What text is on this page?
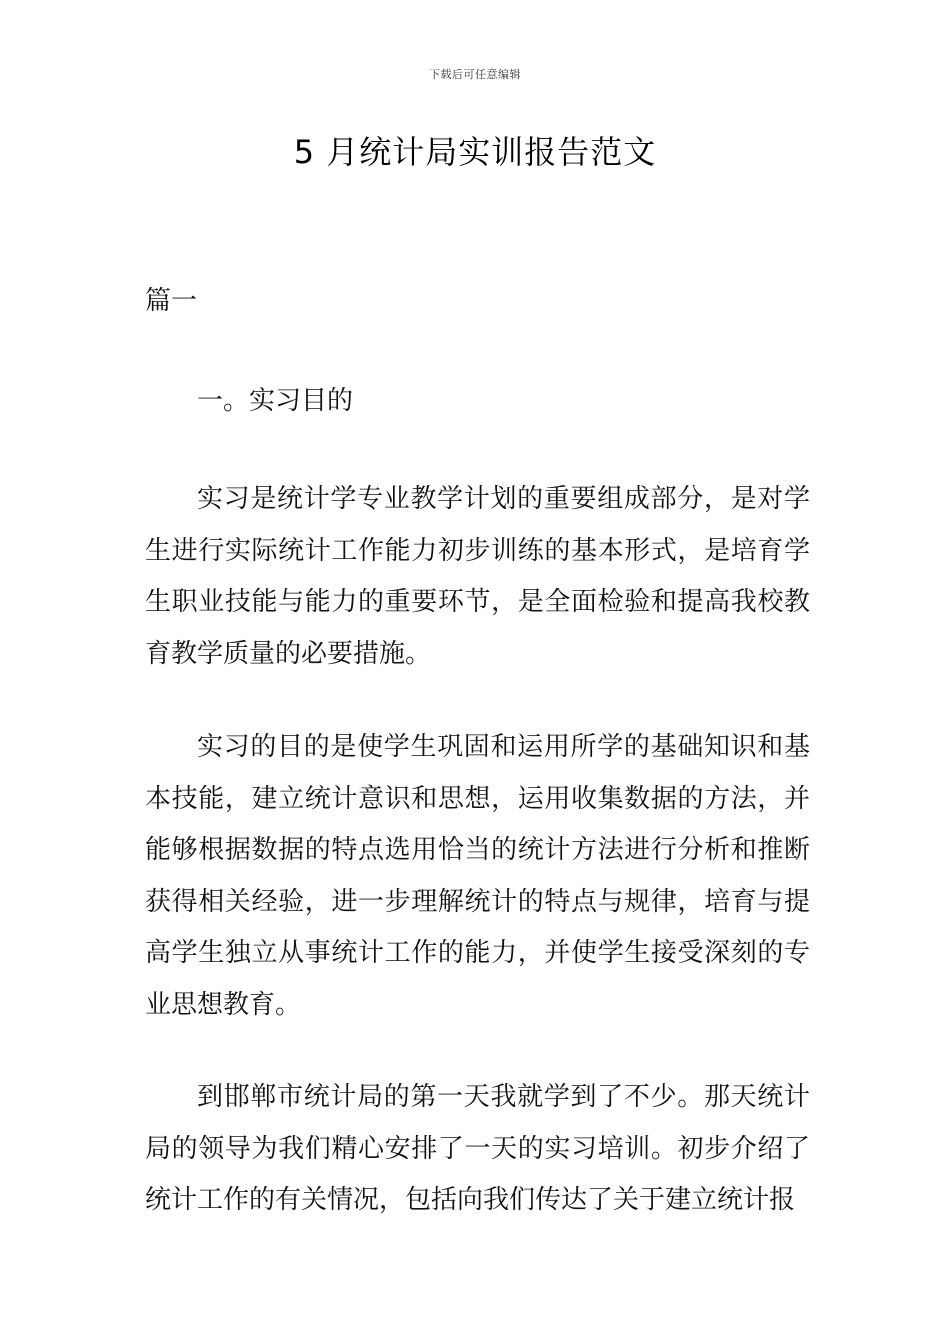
下载后可任意编辑
5 月统计局实训报告范文
篇一
一。实习目的

实习是统计学专业教学计划的重要组成部分，是对学生进行实际统计工作能力初步训练的基本形式，是培育学生职业技能与能力的重要环节，是全面检验和提高我校教育教学质量的必要措施。

实习的目的是使学生巩固和运用所学的基础知识和基本技能，建立统计意识和思想，运用收集数据的方法，并能够根据数据的特点选用恰当的统计方法进行分析和推断获得相关经验，进一步理解统计的特点与规律，培育与提高学生独立从事统计工作的能力，并使学生接受深刻的专业思想教育。

到邯郸市统计局的第一天我就学到了不少。那天统计局的领导为我们精心安排了一天的实习培训。初步介绍了统计工作的有关情况，包括向我们传达了关于建立统计报
